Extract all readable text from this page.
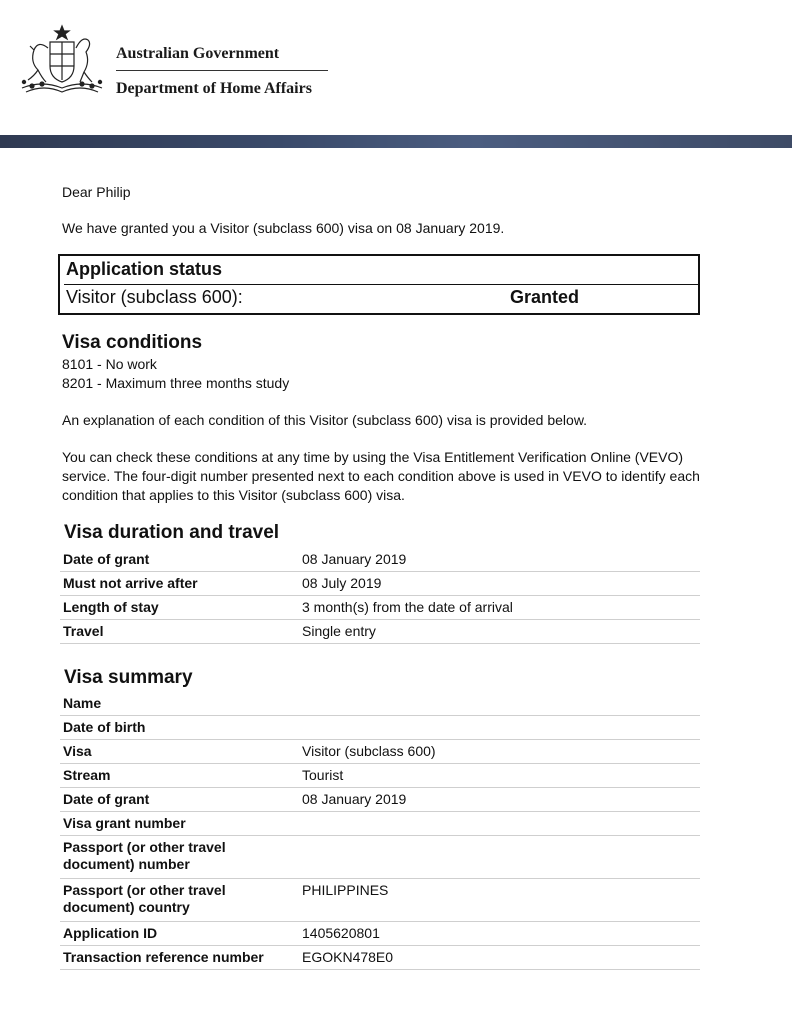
Australian Government
Department of Home Affairs

Dear Philip

We have granted you a Visitor (subclass 600) visa on 08 January 2019.

Application status
Visitor (subclass 600):	Granted
Visa conditions
8101 - No work
8201 - Maximum three months study
An explanation of each condition of this Visitor (subclass 600) visa is provided below.
You can check these conditions at any time by using the Visa Entitlement Verification Online (VEVO) service. The four-digit number presented next to each condition above is used in VEVO to identify each condition that applies to this Visitor (subclass 600) visa.
Visa duration and travel
Date of grant	08 January 2019
Must not arrive after	08 July 2019
Length of stay	3 month(s) from the date of arrival
Travel	Single entry
Visa summary
Name	
Date of birth	
Visa	Visitor (subclass 600)
Stream	Tourist
Date of grant	08 January 2019
Visa grant number	
Passport (or other travel document) number	
Passport (or other travel document) country	PHILIPPINES
Application ID	1405620801
Transaction reference number	EGOKN478E0
